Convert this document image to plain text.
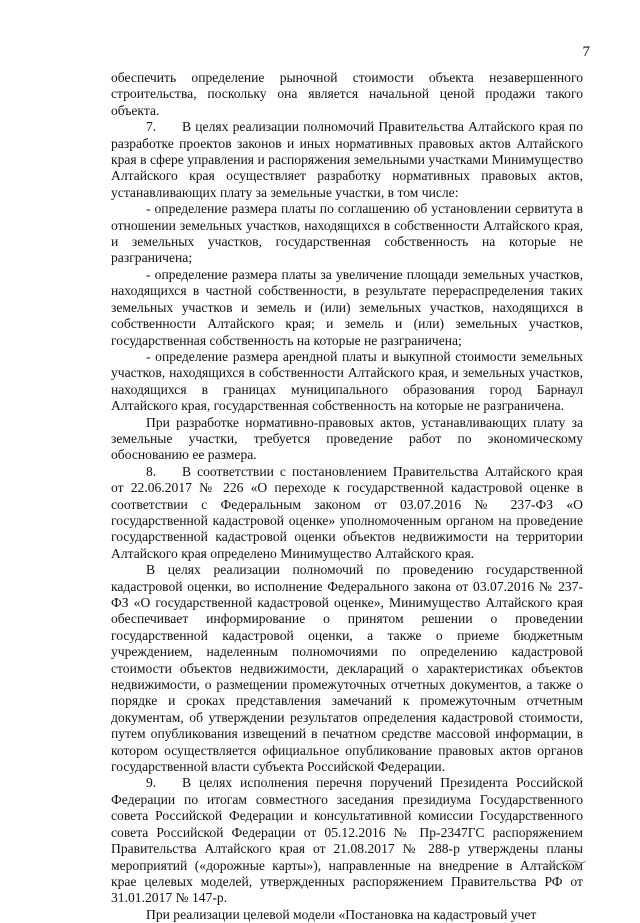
7

обеспечить определение рыночной стоимости объекта незавершенного строительства, поскольку она является начальной ценой продажи такого объекта.

7. В целях реализации полномочий Правительства Алтайского края по разработке проектов законов и иных нормативных правовых актов Алтайского края в сфере управления и распоряжения земельными участками Минимущество Алтайского края осуществляет разработку нормативных правовых актов, устанавливающих плату за земельные участки, в том числе:

- определение размера платы по соглашению об установлении сервитута в отношении земельных участков, находящихся в собственности Алтайского края, и земельных участков, государственная собственность на которые не разграничена;

- определение размера платы за увеличение площади земельных участков, находящихся в частной собственности, в результате перераспределения таких земельных участков и земель и (или) земельных участков, находящихся в собственности Алтайского края; и земель и (или) земельных участков, государственная собственность на которые не разграничена;

- определение размера арендной платы и выкупной стоимости земельных участков, находящихся в собственности Алтайского края, и земельных участков, находящихся в границах муниципального образования город Барнаул Алтайского края, государственная собственность на которые не разграничена.

При разработке нормативно-правовых актов, устанавливающих плату за земельные участки, требуется проведение работ по экономическому обоснованию ее размера.

8. В соответствии с постановлением Правительства Алтайского края от 22.06.2017 № 226 «О переходе к государственной кадастровой оценке в соответствии с Федеральным законом от 03.07.2016 № 237-ФЗ «О государственной кадастровой оценке» уполномоченным органом на проведение государственной кадастровой оценки объектов недвижимости на территории Алтайского края определено Минимущество Алтайского края.

В целях реализации полномочий по проведению государственной кадастровой оценки, во исполнение Федерального закона от 03.07.2016 № 237-ФЗ «О государственной кадастровой оценке», Минимущество Алтайского края обеспечивает информирование о принятом решении о проведении государственной кадастровой оценки, а также о приеме бюджетным учреждением, наделенным полномочиями по определению кадастровой стоимости объектов недвижимости, деклараций о характеристиках объектов недвижимости, о размещении промежуточных отчетных документов, а также о порядке и сроках представления замечаний к промежуточным отчетным документам, об утверждении результатов определения кадастровой стоимости, путем опубликования извещений в печатном средстве массовой информации, в котором осуществляется официальное опубликование правовых актов органов государственной власти субъекта Российской Федерации.

9. В целях исполнения перечня поручений Президента Российской Федерации по итогам совместного заседания президиума Государственного совета Российской Федерации и консультативной комиссии Государственного совета Российской Федерации от 05.12.2016 № Пр-2347ГС распоряжением Правительства Алтайского края от 21.08.2017 № 288-р утверждены планы мероприятий («дорожные карты»), направленные на внедрение в Алтайском крае целевых моделей, утвержденных распоряжением Правительства РФ от 31.01.2017 № 147-р.

При реализации целевой модели «Постановка на кадастровый учет
